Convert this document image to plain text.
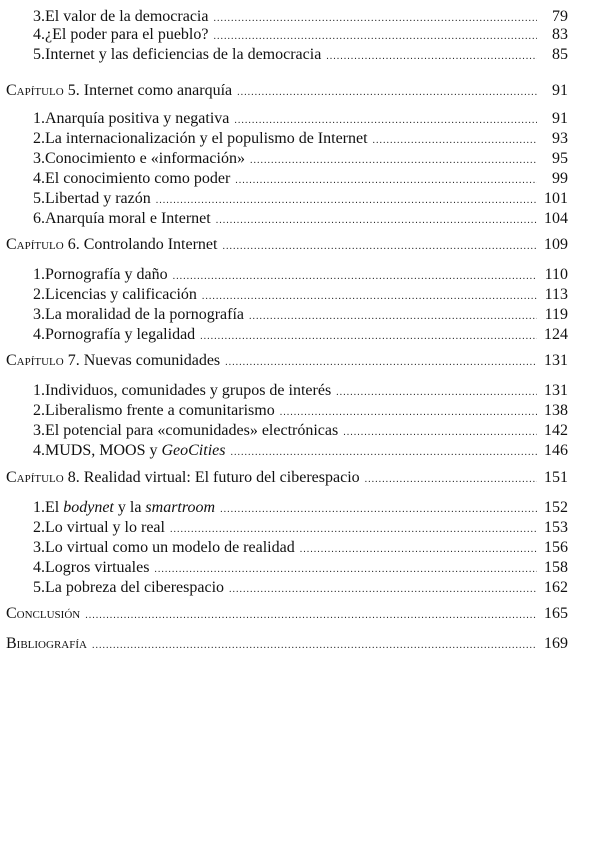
3. El valor de la democracia .....	79
4. ¿El poder para el pueblo? .....	83
5. Internet y las deficiencias de la democracia .....	85
Capítulo 5. Internet como anarquía .....	91
1. Anarquía positiva y negativa .....	91
2. La internacionalización y el populismo de Internet .....	93
3. Conocimiento e «información» .....	95
4. El conocimiento como poder .....	99
5. Libertad y razón .....	101
6. Anarquía moral e Internet .....	104
Capítulo 6. Controlando Internet .....	109
1. Pornografía y daño .....	110
2. Licencias y calificación .....	113
3. La moralidad de la pornografía .....	119
4. Pornografía y legalidad .....	124
Capítulo 7. Nuevas comunidades .....	131
1. Individuos, comunidades y grupos de interés .....	131
2. Liberalismo frente a comunitarismo .....	138
3. El potencial para «comunidades» electrónicas .....	142
4. MUDS, MOOS y GeoCities .....	146
Capítulo 8. Realidad virtual: El futuro del ciberespacio .....	151
1. El bodynet y la smartroom .....	152
2. Lo virtual y lo real .....	153
3. Lo virtual como un modelo de realidad .....	156
4. Logros virtuales .....	158
5. La pobreza del ciberespacio .....	162
Conclusión .....	165
Bibliografía .....	169
